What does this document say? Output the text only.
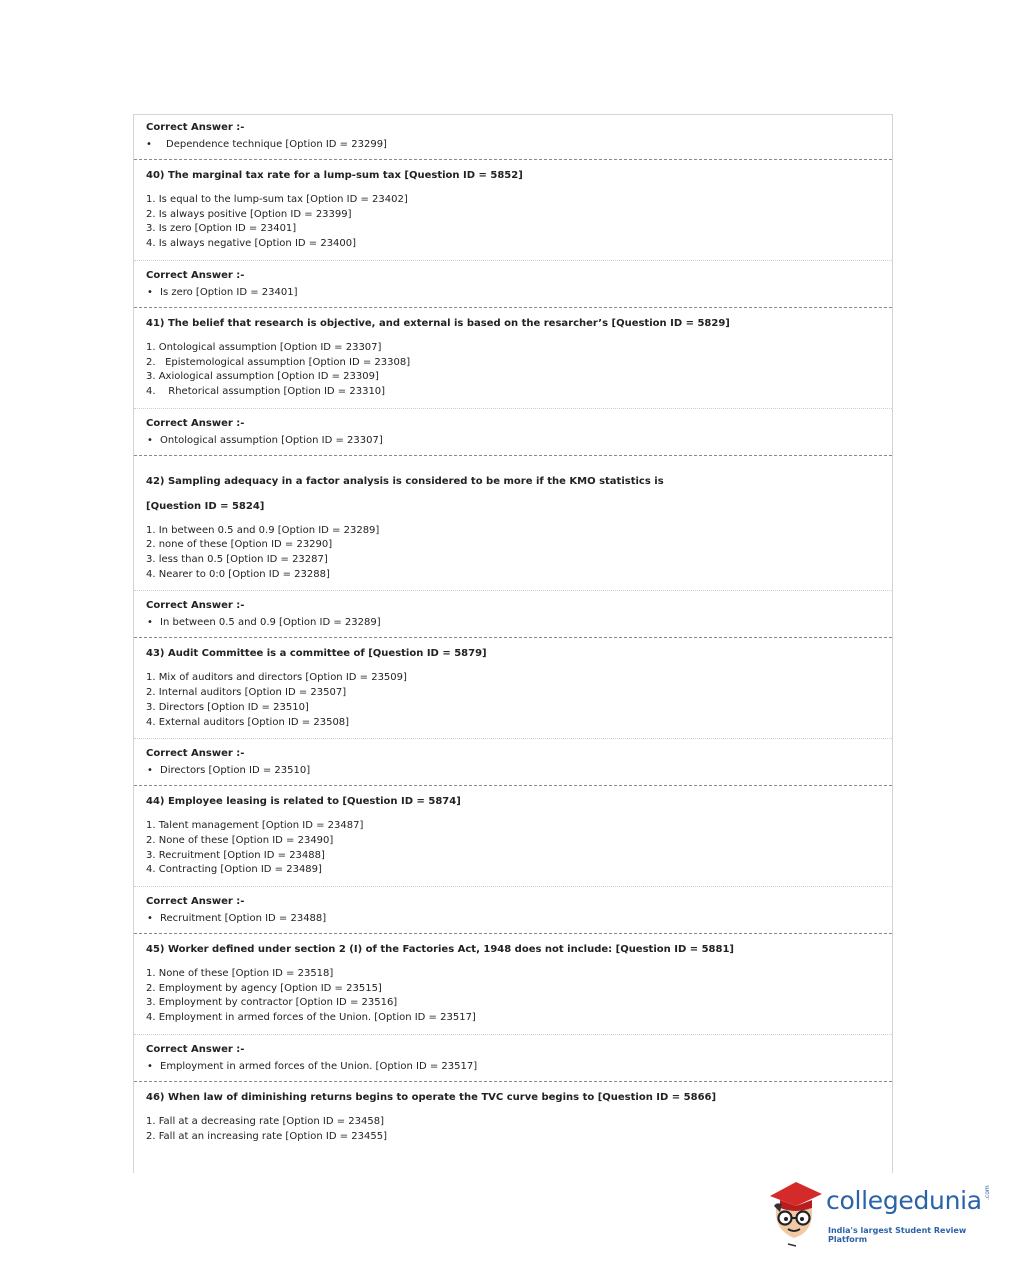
Correct Answer :-
• Dependence technique [Option ID = 23299]
40) The marginal tax rate for a lump-sum tax [Question ID = 5852]
1. Is equal to the lump-sum tax [Option ID = 23402]
2. Is always positive [Option ID = 23399]
3. Is zero [Option ID = 23401]
4. Is always negative [Option ID = 23400]
Correct Answer :-
• Is zero [Option ID = 23401]
41) The belief that research is objective, and external is based on the resarcher’s [Question ID = 5829]
1. Ontological assumption [Option ID = 23307]
2.   Epistemological assumption [Option ID = 23308]
3. Axiological assumption [Option ID = 23309]
4.    Rhetorical assumption [Option ID = 23310]
Correct Answer :-
• Ontological assumption [Option ID = 23307]
42) Sampling adequacy in a factor analysis is considered to be more if the KMO statistics is
[Question ID = 5824]
1. In between 0.5 and 0.9 [Option ID = 23289]
2. none of these [Option ID = 23290]
3. less than 0.5 [Option ID = 23287]
4. Nearer to 0:0 [Option ID = 23288]
Correct Answer :-
• In between 0.5 and 0.9 [Option ID = 23289]
43) Audit Committee is a committee of [Question ID = 5879]
1. Mix of auditors and directors [Option ID = 23509]
2. Internal auditors [Option ID = 23507]
3. Directors [Option ID = 23510]
4. External auditors [Option ID = 23508]
Correct Answer :-
• Directors [Option ID = 23510]
44) Employee leasing is related to [Question ID = 5874]
1. Talent management [Option ID = 23487]
2. None of these [Option ID = 23490]
3. Recruitment [Option ID = 23488]
4. Contracting [Option ID = 23489]
Correct Answer :-
• Recruitment [Option ID = 23488]
45) Worker defined under section 2 (I) of the Factories Act, 1948 does not include: [Question ID = 5881]
1. None of these [Option ID = 23518]
2. Employment by agency [Option ID = 23515]
3. Employment by contractor [Option ID = 23516]
4. Employment in armed forces of the Union. [Option ID = 23517]
Correct Answer :-
• Employment in armed forces of the Union. [Option ID = 23517]
46) When law of diminishing returns begins to operate the TVC curve begins to [Question ID = 5866]
1. Fall at a decreasing rate [Option ID = 23458]
2. Fall at an increasing rate [Option ID = 23455]
collegedunia .com
India's largest Student Review Platform
